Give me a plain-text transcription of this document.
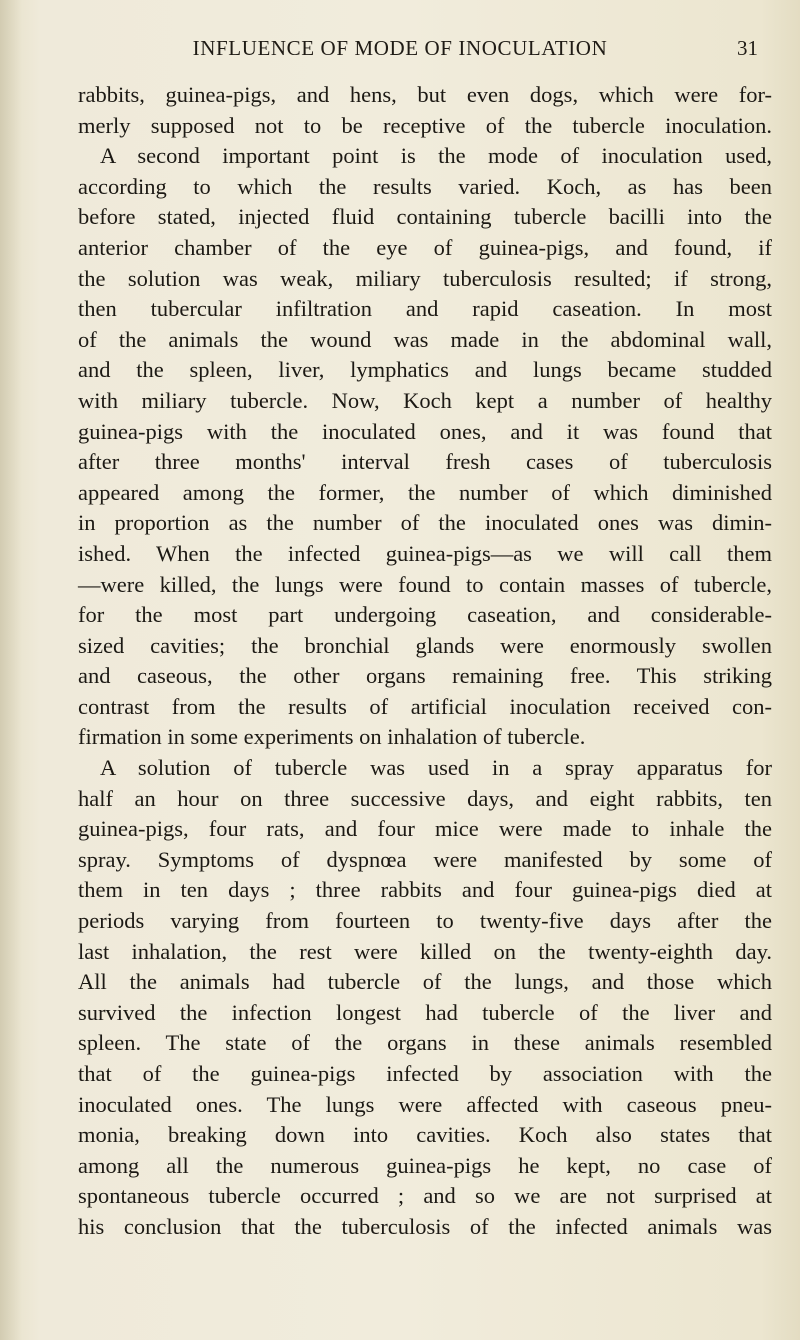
INFLUENCE OF MODE OF INOCULATION	31
rabbits, guinea-pigs, and hens, but even dogs, which were for-
merly supposed not to be receptive of the tubercle inoculation.
A second important point is the mode of inoculation used,
according to which the results varied. Koch, as has been
before stated, injected fluid containing tubercle bacilli into the
anterior chamber of the eye of guinea-pigs, and found, if
the solution was weak, miliary tuberculosis resulted; if strong,
then tubercular infiltration and rapid caseation. In most
of the animals the wound was made in the abdominal wall,
and the spleen, liver, lymphatics and lungs became studded
with miliary tubercle. Now, Koch kept a number of healthy
guinea-pigs with the inoculated ones, and it was found that
after three months' interval fresh cases of tuberculosis
appeared among the former, the number of which diminished
in proportion as the number of the inoculated ones was dimin-
ished. When the infected guinea-pigs—as we will call them
—were killed, the lungs were found to contain masses of tubercle,
for the most part undergoing caseation, and considerable-
sized cavities; the bronchial glands were enormously swollen
and caseous, the other organs remaining free. This striking
contrast from the results of artificial inoculation received con-
firmation in some experiments on inhalation of tubercle.
A solution of tubercle was used in a spray apparatus for
half an hour on three successive days, and eight rabbits, ten
guinea-pigs, four rats, and four mice were made to inhale the
spray. Symptoms of dyspnœa were manifested by some of
them in ten days ; three rabbits and four guinea-pigs died at
periods varying from fourteen to twenty-five days after the
last inhalation, the rest were killed on the twenty-eighth day.
All the animals had tubercle of the lungs, and those which
survived the infection longest had tubercle of the liver and
spleen. The state of the organs in these animals resembled
that of the guinea-pigs infected by association with the
inoculated ones. The lungs were affected with caseous pneu-
monia, breaking down into cavities. Koch also states that
among all the numerous guinea-pigs he kept, no case of
spontaneous tubercle occurred ; and so we are not surprised at
his conclusion that the tuberculosis of the infected animals was
